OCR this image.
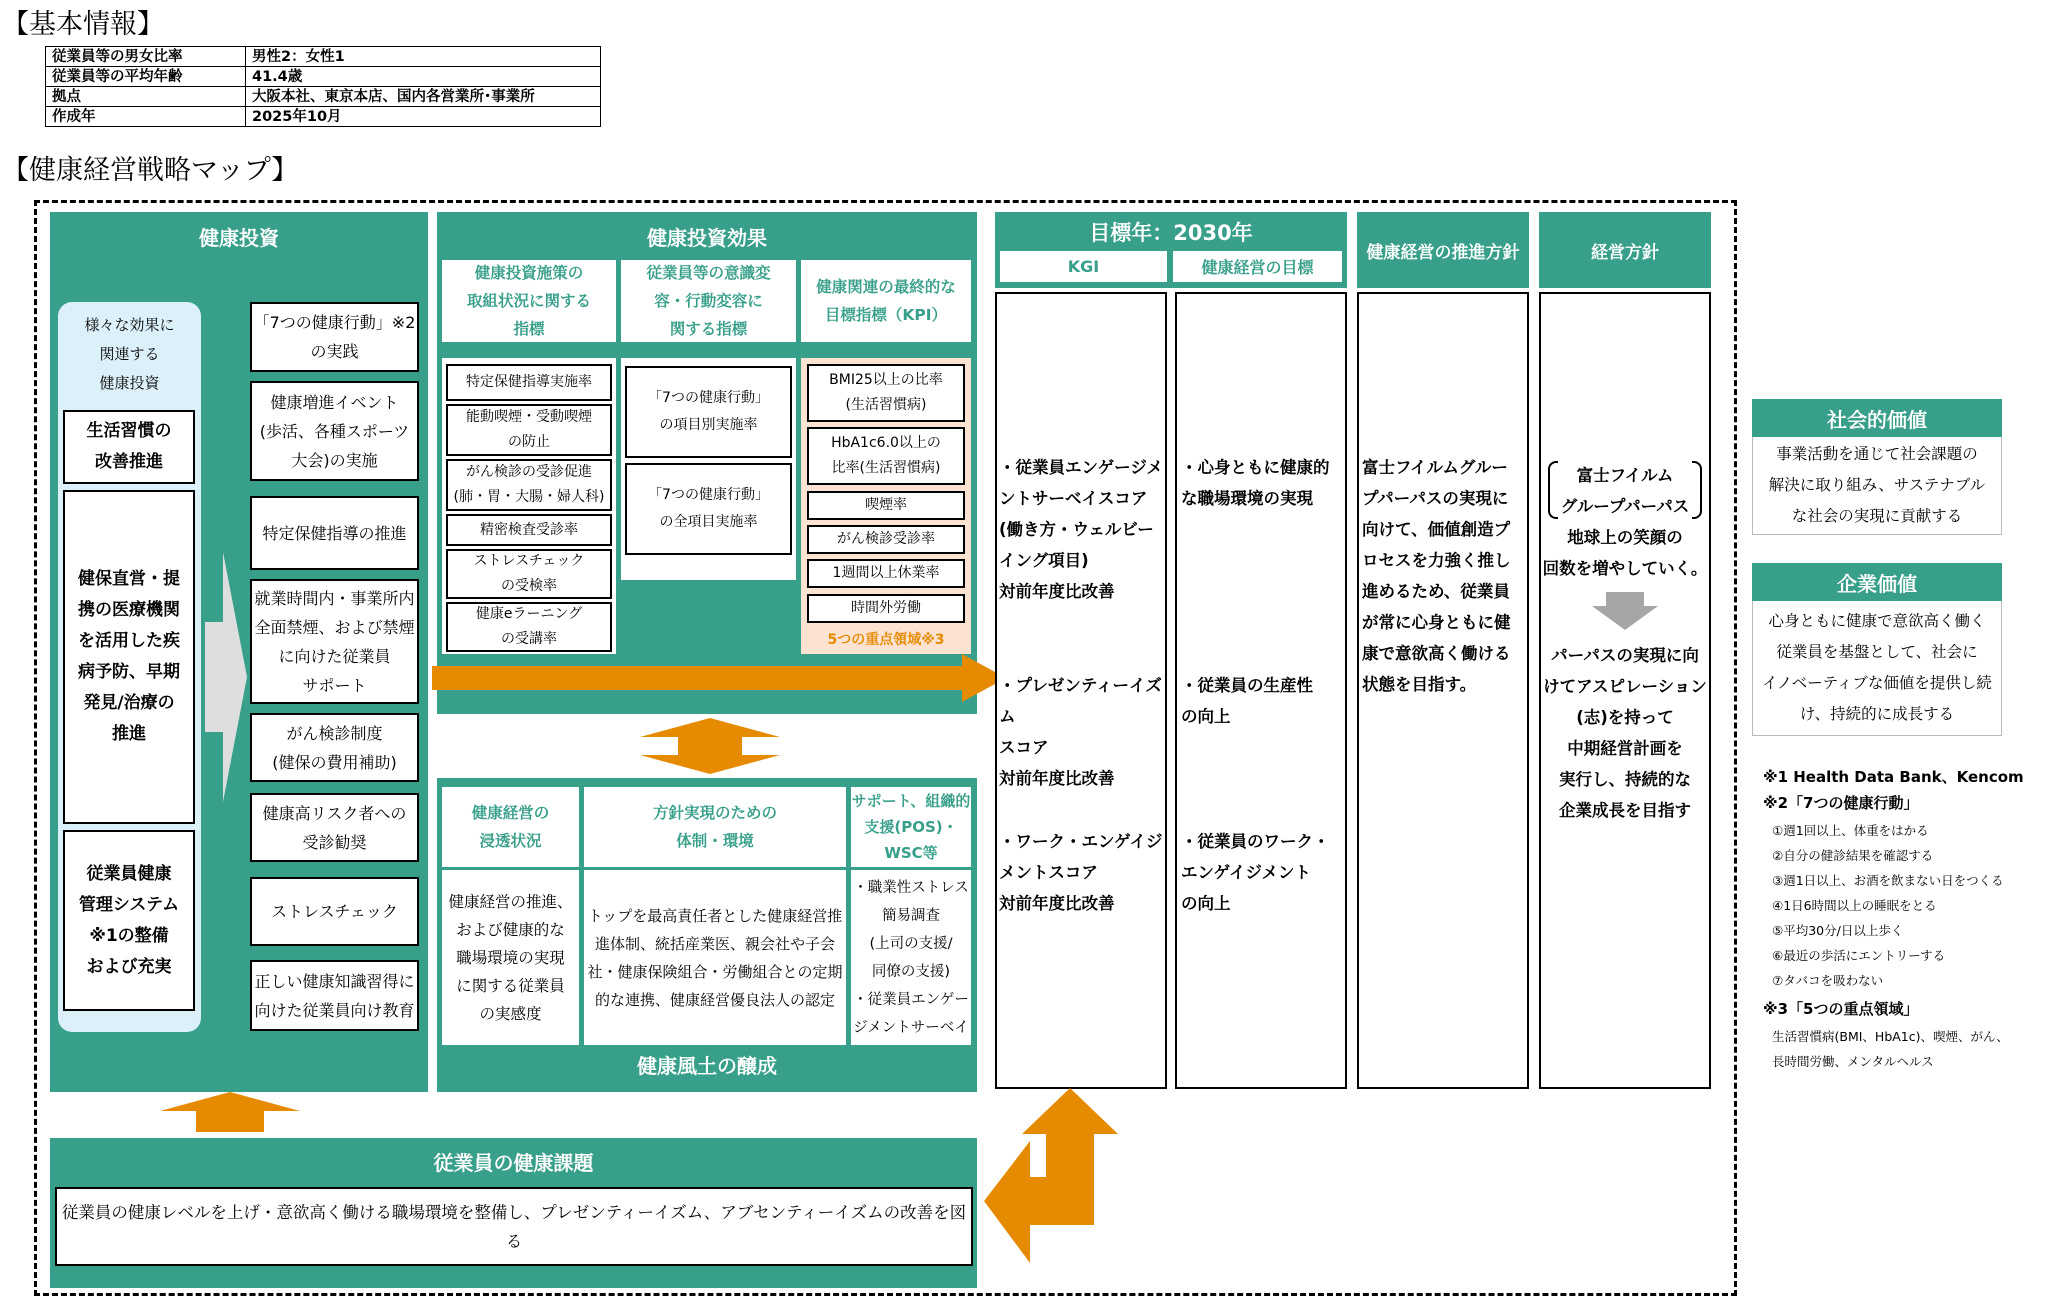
【基本情報】
従業員等の男女比率	男性2：女性1
従業員等の平均年齢	41.4歳
拠点	大阪本社、東京本店、国内各営業所･事業所
作成年	2025年10月
【健康経営戦略マップ】
健康投資
様々な効果に
関連する
健康投資
生活習慣の
改善推進
健保直営・提
携の医療機関
を活用した疾
病予防、早期
発見/治療の
推進
従業員健康
管理システム
※1の整備
および充実
「7つの健康行動」※2
の実践
健康増進イベント
(歩活、各種スポーツ
大会)の実施
特定保健指導の推進
就業時間内・事業所内
全面禁煙、および禁煙
に向けた従業員
サポート
がん検診制度
(健保の費用補助)
健康高リスク者への
受診勧奨
ストレスチェック
正しい健康知識習得に
向けた従業員向け教育
健康投資効果
健康投資施策の
取組状況に関する
指標
従業員等の意識変
容・行動変容に
関する指標
健康関連の最終的な
目標指標（KPI）
特定保健指導実施率
能動喫煙・受動喫煙
の防止
がん検診の受診促進
(肺・胃・大腸・婦人科)
精密検査受診率
ストレスチェック
の受検率
健康eラーニング
の受講率
「7つの健康行動」
の項目別実施率
「7つの健康行動」
の全項目実施率
BMI25以上の比率
(生活習慣病)
HbA1c6.0以上の
比率(生活習慣病)
喫煙率
がん検診受診率
1週間以上休業率
時間外労働
5つの重点領域※3
健康経営の
浸透状況
方針実現のための
体制・環境
サポート、組織的
支援(POS)・
WSC等
健康経営の推進、
および健康的な
職場環境の実現
に関する従業員
の実感度
トップを最高責任者とした健康経営推
進体制、統括産業医、親会社や子会
社・健康保険組合・労働組合との定期
的な連携、健康経営優良法人の認定
・職業性ストレス
簡易調査
(上司の支援/
同僚の支援)
・従業員エンゲー
ジメントサーベイ
健康風土の醸成
目標年：2030年
KGI	健康経営の目標
・従業員エンゲージメ
ントサーベイスコア
(働き方・ウェルビー
イング項目)
対前年度比改善
・プレゼンティーイズム
スコア
対前年度比改善
・ワーク・エンゲイジ
メントスコア
対前年度比改善
・心身ともに健康的
な職場環境の実現
・従業員の生産性
の向上
・従業員のワーク・
エンゲイジメント
の向上
健康経営の推進方針
富士フイルムグルー
プパーパスの実現に
向けて、価値創造プ
ロセスを力強く推し
進めるため、従業員
が常に心身ともに健
康で意欲高く働ける
状態を目指す。
経営方針
富士フイルム
グループパーパス
地球上の笑顔の
回数を増やしていく。
パーパスの実現に向
けてアスピレーション
(志)を持って
中期経営計画を
実行し、持続的な
企業成長を目指す
社会的価値
事業活動を通じて社会課題の
解決に取り組み、サステナブル
な社会の実現に貢献する
企業価値
心身ともに健康で意欲高く働く
従業員を基盤として、社会に
イノベーティブな価値を提供し続
け、持続的に成長する
※1 Health Data Bank、Kencom
※2「7つの健康行動」
①週1回以上、体重をはかる
②自分の健診結果を確認する
③週1日以上、お酒を飲まない日をつくる
④1日6時間以上の睡眠をとる
⑤平均30分/日以上歩く
⑥最近の歩活にエントリーする
⑦タバコを吸わない
※3「5つの重点領域」
生活習慣病(BMI、HbA1c)、喫煙、がん、
長時間労働、メンタルヘルス
従業員の健康課題
従業員の健康レベルを上げ・意欲高く働ける職場環境を整備し、プレゼンティーイズム、アブセンティーイズムの改善を図る
